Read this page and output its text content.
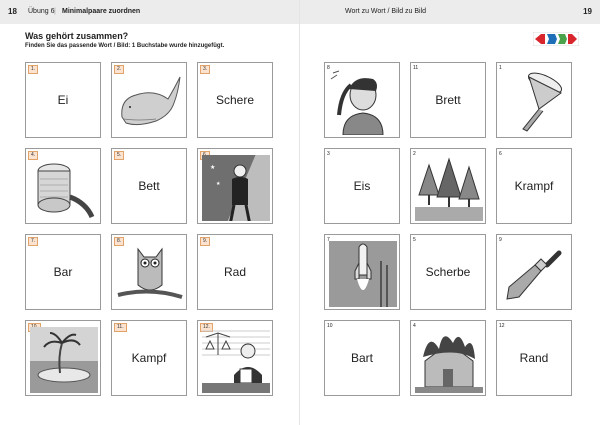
18 Übung 6 | Minimalpaare zuordnen
Was gehört zusammen?
Finden Sie das passende Wort / Bild: 1 Buchstabe wurde hinzugefügt.
1.
Ei
2.	3.
Schere
4.	5.
Bett
★
★
7.
Bar
8.	9.
Rad
11.
Kampf
12.
Wort zu Wort / Bild zu Bild	19
8	11
Brett
1
3
Eis
2	6
Krampf
7	5
Scherbe
9
10
Bart
4	12
Rand
